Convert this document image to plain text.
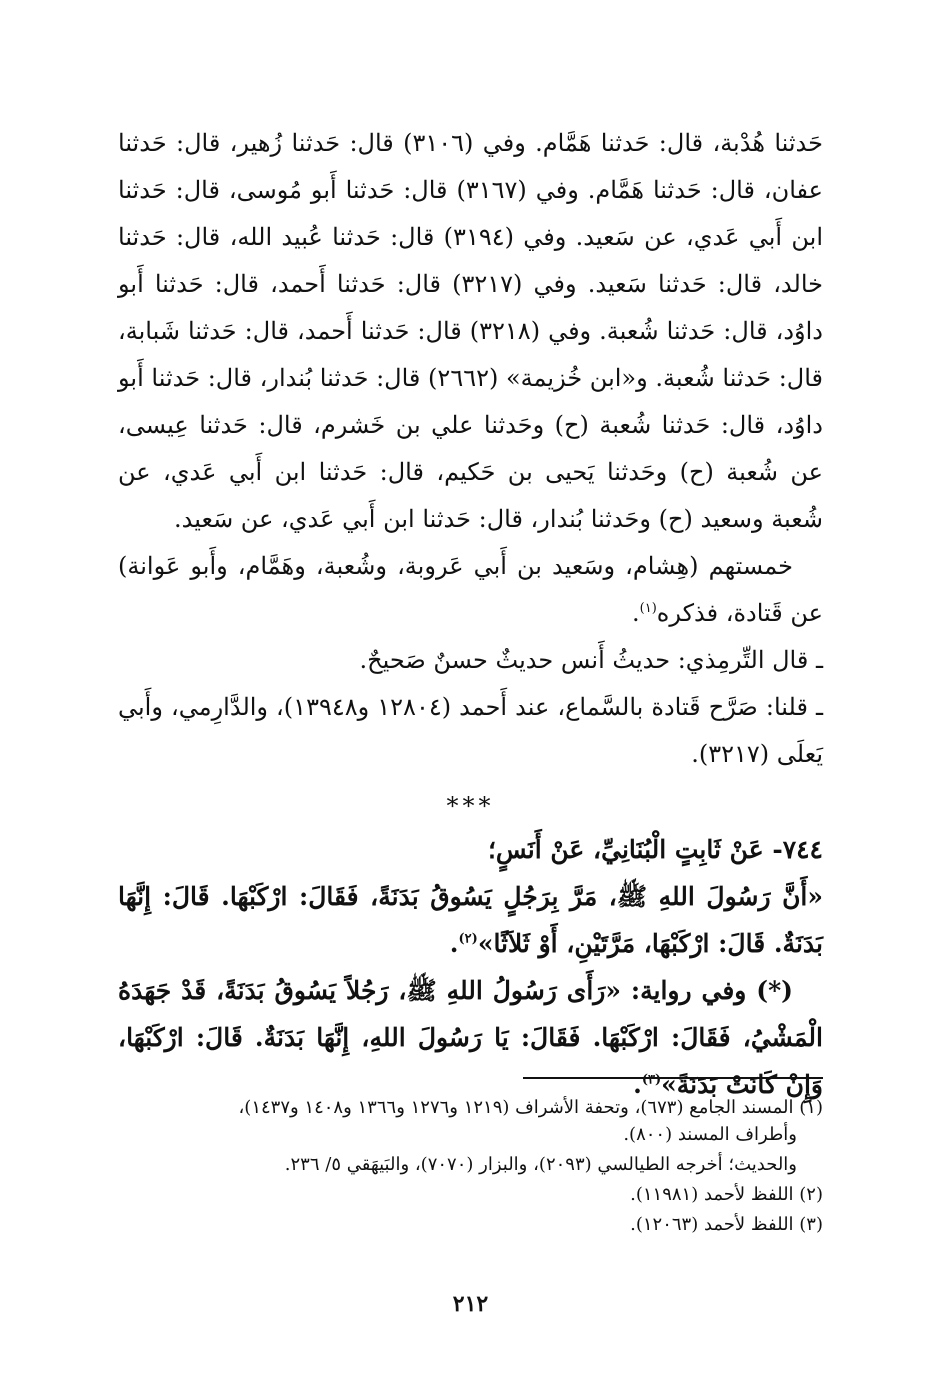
حَدثنا هُدْبة، قال: حَدثنا هَمَّام. وفي (٣١٠٦) قال: حَدثنا زُهير، قال: حَدثنا عفان، قال: حَدثنا هَمَّام. وفي (٣١٦٧) قال: حَدثنا أَبو مُوسى، قال: حَدثنا ابن أَبي عَدي، عن سَعيد. وفي (٣١٩٤) قال: حَدثنا عُبيد الله، قال: حَدثنا خالد، قال: حَدثنا سَعيد. وفي (٣٢١٧) قال: حَدثنا أَحمد، قال: حَدثنا أَبو داوُد، قال: حَدثنا شُعبة. وفي (٣٢١٨) قال: حَدثنا أَحمد، قال: حَدثنا شَبابة، قال: حَدثنا شُعبة. و«ابن خُزيمة» (٢٦٦٢) قال: حَدثنا بُندار، قال: حَدثنا أَبو داوُد، قال: حَدثنا شُعبة (ح) وحَدثنا علي بن خَشرم، قال: حَدثنا عِيسى، عن شُعبة (ح) وحَدثنا يَحيى بن حَكيم، قال: حَدثنا ابن أَبي عَدي، عن شُعبة وسعيد (ح) وحَدثنا بُندار، قال: حَدثنا ابن أَبي عَدي، عن سَعيد.

خمستهم (هِشام، وسَعيد بن أَبي عَروبة، وشُعبة، وهَمَّام، وأَبو عَوانة) عن قَتادة، فذكره$^{(١)}$.

ـ قال التِّرمِذي: حديثُ أَنس حديثٌ حسنٌ صَحيحٌ.

ـ قلنا: صَرَّح قَتادة بالسَّماع، عند أَحمد (١٢٨٠٤ و١٣٩٤٨)، والدَّارِمي، وأَبي يَعلَى (٣٢١٧).

***

٧٤٤- عَنْ ثَابِتٍ الْبُنَانِيِّ، عَنْ أَنَسٍ؛

«أَنَّ رَسُولَ اللهِ ﷺ، مَرَّ بِرَجُلٍ يَسُوقُ بَدَنَةً، فَقَالَ: ارْكَبْهَا. قَالَ: إِنَّهَا بَدَنَةٌ. قَالَ: ارْكَبْهَا، مَرَّتَيْنِ، أَوْ ثَلاَثًا»$^{(٢)}$.

(*) وفي رواية: «رَأَى رَسُولُ اللهِ ﷺ، رَجُلاً يَسُوقُ بَدَنَةً، قَدْ جَهَدَهُ الْمَشْيُ، فَقَالَ: ارْكَبْهَا. فَقَالَ: يَا رَسُولَ اللهِ، إِنَّهَا بَدَنَةٌ. قَالَ: ارْكَبْهَا، وَإِنْ كَانَتْ بَدَنَةً»$^{(٣)}$.

(١) المسند الجامع (٦٧٣)، وتحفة الأشراف (١٢١٩ و١٢٧٦ و١٣٦٦ و١٤٠٨ و١٤٣٧)،
وأطراف المسند (٨٠٠).

والحديث؛ أخرجه الطيالسي (٢٠٩٣)، والبزار (٧٠٧٠)، والبَيهَقي ٥/ ٢٣٦.

(٢) اللفظ لأحمد (١١٩٨١).

(٣) اللفظ لأحمد (١٢٠٦٣).

٢١٢
